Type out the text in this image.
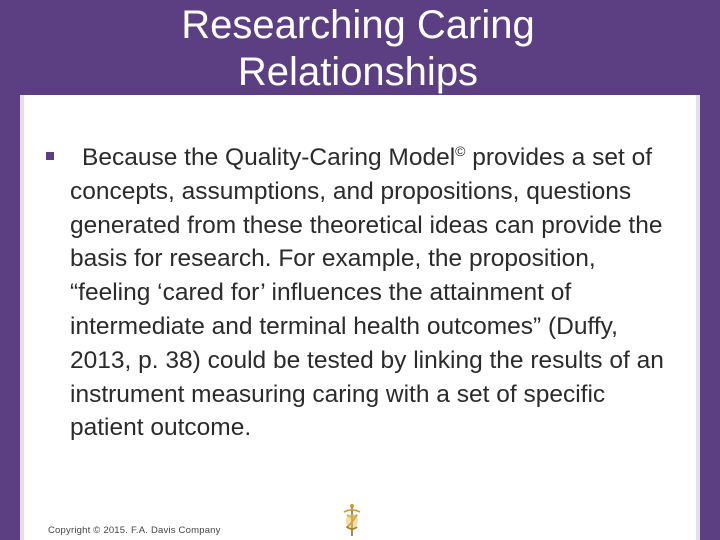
Researching Caring
Relationships

Because the Quality-Caring Model© provides a set of concepts, assumptions, and propositions, questions generated from these theoretical ideas can provide the basis for research. For example, the proposition, “feeling ‘cared for’ influences the attainment of intermediate and terminal health outcomes” (Duffy, 2013, p. 38) could be tested by linking the results of an instrument measuring caring with a set of specific patient outcome.

Copyright © 2015. F.A. Davis Company
